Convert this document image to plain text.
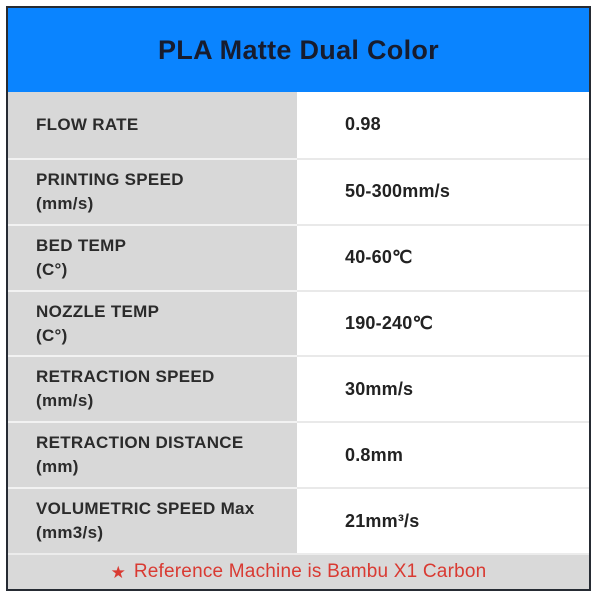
PLA Matte Dual Color
FLOW RATE	0.98
PRINTING SPEED
(mm/s)
50-300mm/s
BED TEMP
(C°)
40-60℃
NOZZLE TEMP
(C°)
190-240℃
RETRACTION SPEED
(mm/s)
30mm/s
RETRACTION DISTANCE
(mm)
0.8mm
VOLUMETRIC SPEED Max
(mm3/s)
21mm³/s
★ Reference Machine is Bambu X1 Carbon
